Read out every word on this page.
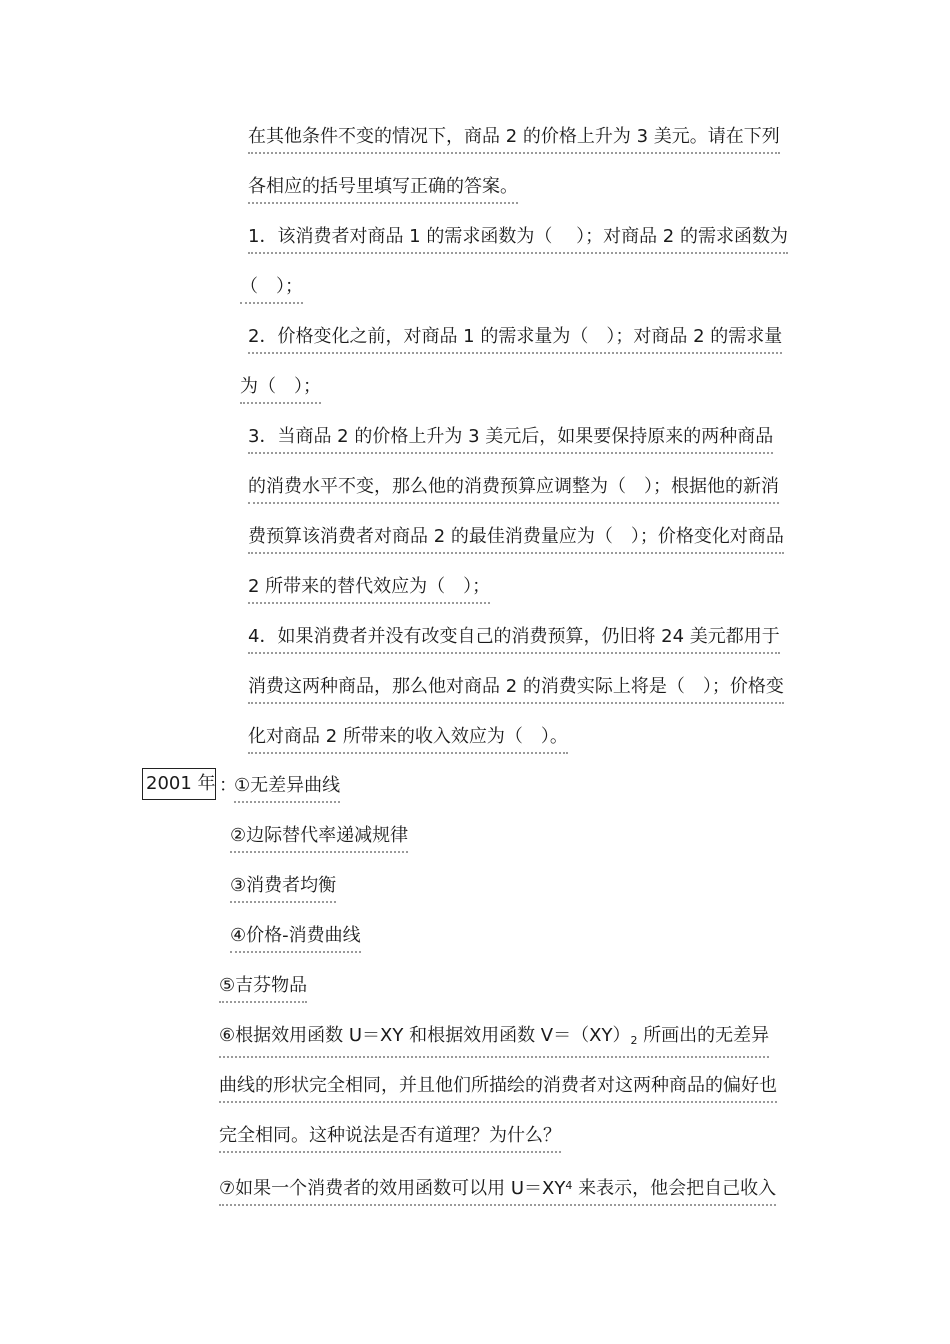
在其他条件不变的情况下，商品 2 的价格上升为 3 美元。请在下列
各相应的括号里填写正确的答案。
1．该消费者对商品 1 的需求函数为（　 ）；对商品 2 的需求函数为
（　）；
2．价格变化之前，对商品 1 的需求量为（　）；对商品 2 的需求量
为（　）；
3．当商品 2 的价格上升为 3 美元后，如果要保持原来的两种商品
的消费水平不变，那么他的消费预算应调整为（　）；根据他的新消
费预算该消费者对商品 2 的最佳消费量应为（　）；价格变化对商品
2 所带来的替代效应为（　）；
4．如果消费者并没有改变自己的消费预算，仍旧将 24 美元都用于
消费这两种商品，那么他对商品 2 的消费实际上将是（　）；价格变
化对商品 2 所带来的收入效应为（　）。
2001 年 ：
①无差异曲线
②边际替代率递减规律
③消费者均衡
④价格-消费曲线
⑤吉芬物品
⑥根据效用函数 U＝XY 和根据效用函数 $V=(XY)_2$ 所画出的无差异
曲线的形状完全相同，并且他们所描绘的消费者对这两种商品的偏好也
完全相同。这种说法是否有道理？为什么？
⑦如果一个消费者的效用函数可以用 $U=XY^4$ 来表示，他会把自己收入
